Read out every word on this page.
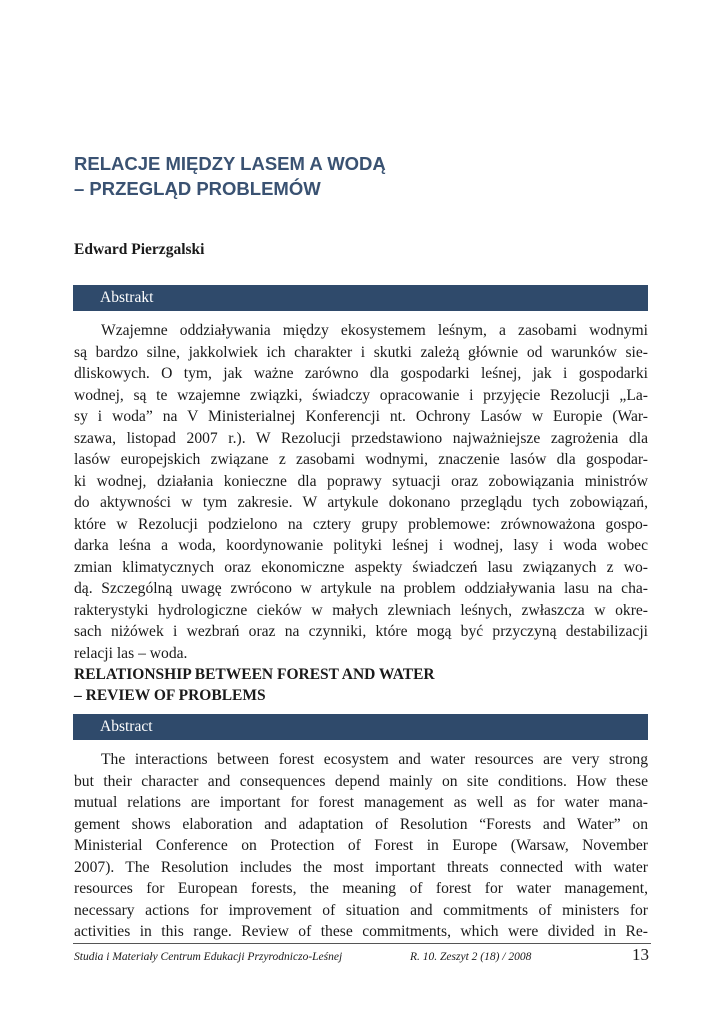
RELACJE MIĘDZY LASEM A WODĄ
– PRZEGLĄD PROBLEMÓW
Edward Pierzgalski
Abstrakt
Wzajemne oddziaływania między ekosystemem leśnym, a zasobami wodnymi
są bardzo silne, jakkolwiek ich charakter i skutki zależą głównie od warunków sie-
dliskowych. O tym, jak ważne zarówno dla gospodarki leśnej, jak i gospodarki
wodnej, są te wzajemne związki, świadczy opracowanie i przyjęcie Rezolucji „La-
sy i woda” na V Ministerialnej Konferencji nt. Ochrony Lasów w Europie (War-
szawa, listopad 2007 r.). W Rezolucji przedstawiono najważniejsze zagrożenia dla
lasów europejskich związane z zasobami wodnymi, znaczenie lasów dla gospodar-
ki wodnej, działania konieczne dla poprawy sytuacji oraz zobowiązania ministrów
do aktywności w tym zakresie. W artykule dokonano przeglądu tych zobowiązań,
które w Rezolucji podzielono na cztery grupy problemowe: zrównoważona gospo-
darka leśna a woda, koordynowanie polityki leśnej i wodnej, lasy i woda wobec
zmian klimatycznych oraz ekonomiczne aspekty świadczeń lasu związanych z wo-
dą. Szczególną uwagę zwrócono w artykule na problem oddziaływania lasu na cha-
rakterystyki hydrologiczne cieków w małych zlewniach leśnych, zwłaszcza w okre-
sach niżówek i wezbrań oraz na czynniki, które mogą być przyczyną destabilizacji
relacji las – woda.
RELATIONSHIP BETWEEN FOREST AND WATER
– REVIEW OF PROBLEMS
Abstract
The interactions between forest ecosystem and water resources are very strong
but their character and consequences depend mainly on site conditions. How these
mutual relations are important for forest management as well as for water mana-
gement shows elaboration and adaptation of Resolution “Forests and Water” on
Ministerial Conference on Protection of Forest in Europe (Warsaw, November
2007). The Resolution includes the most important threats connected with water
resources for European forests, the meaning of forest for water management,
necessary actions for improvement of situation and commitments of ministers for
activities in this range. Review of these commitments, which were divided in Re-
Studia i Materiały Centrum Edukacji Przyrodniczo-Leśnej	R. 10. Zeszyt 2 (18) / 2008	13
